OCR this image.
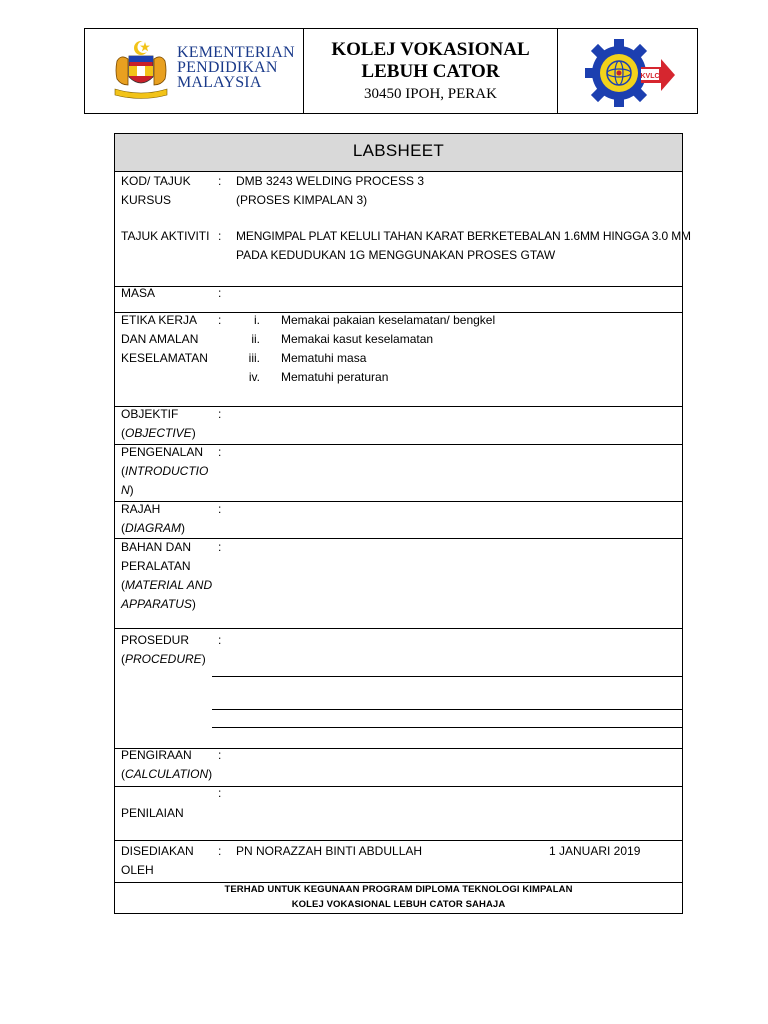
KEMENTERIAN
PENDIDIKAN
MALAYSIA
KOLEJ VOKASIONAL
LEBUH CATOR
30450 IPOH, PERAK
KVLC
LABSHEET
KOD/ TAJUK
KURSUS
: DMB 3243 WELDING PROCESS 3
(PROSES KIMPALAN 3)
TAJUK AKTIVITI : MENGIMPAL PLAT KELULI TAHAN KARAT BERKETEBALAN 1.6MM HINGGA 3.0 MM
PADA KEDUDUKAN 1G MENGGUNAKAN PROSES GTAW
MASA	:
ETIKA KERJA
DAN AMALAN
KESELAMATAN
:	i. Memakai pakaian keselamatan/ bengkel
ii. Memakai kasut keselamatan
iii. Mematuhi masa
iv. Mematuhi peraturan
OBJEKTIF
(OBJECTIVE)
:
PENGENALAN
(INTRODUCTIO
N)
:
RAJAH
(DIAGRAM)
:
BAHAN DAN
PERALATAN
(MATERIAL AND
APPARATUS)
:
PROSEDUR
(PROCEDURE)
:
PENGIRAAN
(CALCULATION)
:
:
PENILAIAN
DISEDIAKAN
OLEH
: PN NORAZZAH BINTI ABDULLAH	1 JANUARI 2019
TERHAD UNTUK KEGUNAAN PROGRAM DIPLOMA TEKNOLOGI KIMPALAN
KOLEJ VOKASIONAL LEBUH CATOR SAHAJA
